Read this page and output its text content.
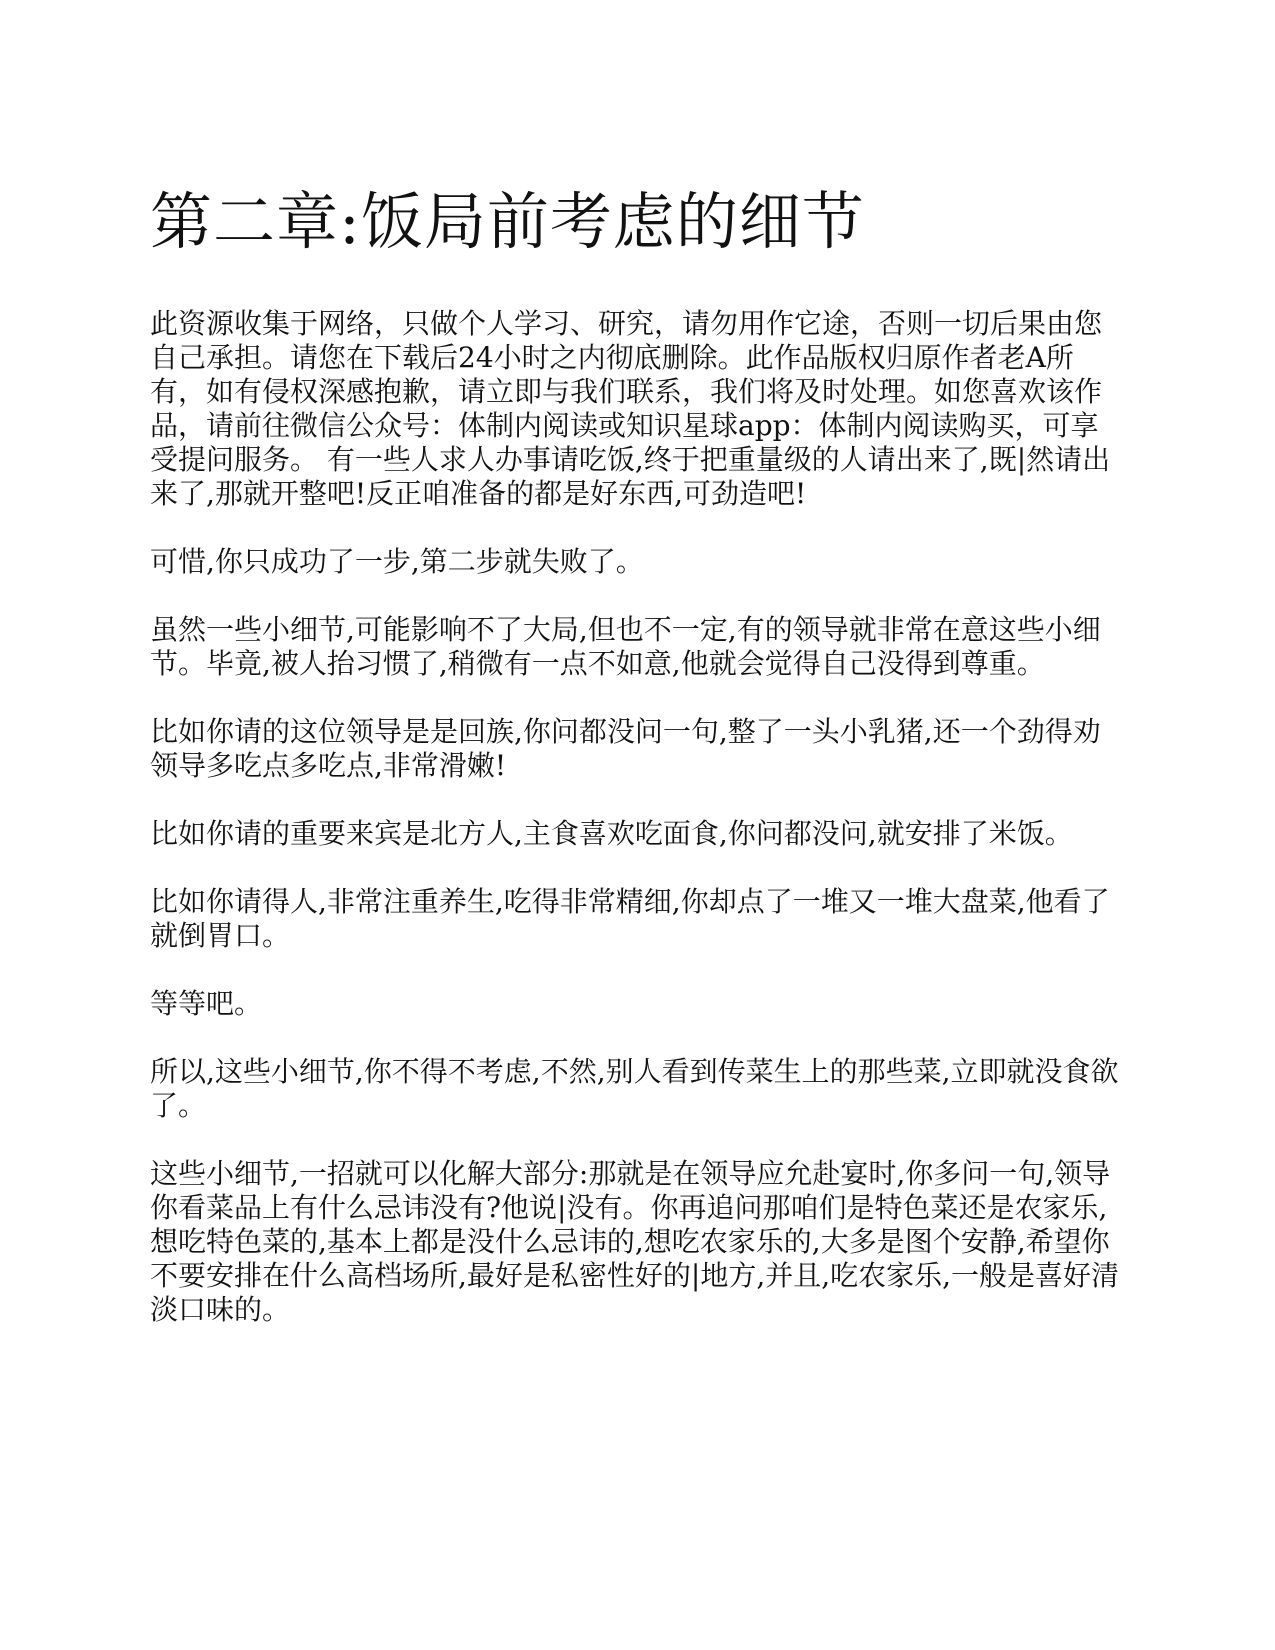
第二章:饭局前考虑的细节

此资源收集于网络，只做个人学习、研究，请勿用作它途，否则一切后果由您自己承担。请您在下载后24小时之内彻底删除。此作品版权归原作者老A所有，如有侵权深感抱歉，请立即与我们联系，我们将及时处理。如您喜欢该作品，请前往微信公众号：体制内阅读或知识星球app：体制内阅读购买，可享受提问服务。 有一些人求人办事请吃饭,终于把重量级的人请出来了,既|然请出来了,那就开整吧!反正咱准备的都是好东西,可劲造吧!

可惜,你只成功了一步,第二步就失败了。

虽然一些小细节,可能影响不了大局,但也不一定,有的领导就非常在意这些小细节。毕竟,被人抬习惯了,稍微有一点不如意,他就会觉得自己没得到尊重。

比如你请的这位领导是是回族,你问都没问一句,整了一头小乳猪,还一个劲得劝领导多吃点多吃点,非常滑嫩!

比如你请的重要来宾是北方人,主食喜欢吃面食,你问都没问,就安排了米饭。

比如你请得人,非常注重养生,吃得非常精细,你却点了一堆又一堆大盘菜,他看了就倒胃口。

等等吧。

所以,这些小细节,你不得不考虑,不然,别人看到传菜生上的那些菜,立即就没食欲了。

这些小细节,一招就可以化解大部分:那就是在领导应允赴宴时,你多问一句,领导你看菜品上有什么忌讳没有?他说|没有。你再追问那咱们是特色菜还是农家乐,想吃特色菜的,基本上都是没什么忌讳的,想吃农家乐的,大多是图个安静,希望你不要安排在什么高档场所,最好是私密性好的|地方,并且,吃农家乐,一般是喜好清淡口味的。
